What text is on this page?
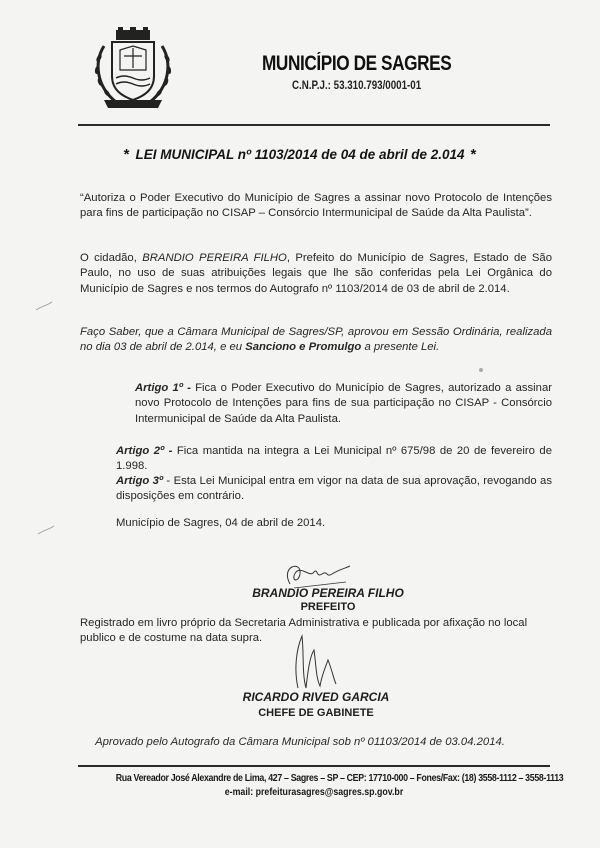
MUNICÍPIO DE SAGRES
C.N.P.J.: 53.310.793/0001-01
* LEI MUNICIPAL nº 1103/2014 de 04 de abril de 2.014 *
“Autoriza o Poder Executivo do Município de Sagres a assinar novo Protocolo de Intenções para fins de participação no CISAP – Consórcio Intermunicipal de Saúde da Alta Paulista”.
O cidadão, BRANDIO PEREIRA FILHO, Prefeito do Município de Sagres, Estado de São Paulo, no uso de suas atribuições legais que lhe são conferidas pela Lei Orgânica do Município de Sagres e nos termos do Autografo nº 1103/2014 de 03 de abril de 2.014.
Faço Saber, que a Câmara Municipal de Sagres/SP, aprovou em Sessão Ordinária, realizada no dia 03 de abril de 2.014, e eu Sanciono e Promulgo a presente Lei.
Artigo 1º - Fica o Poder Executivo do Município de Sagres, autorizado a assinar novo Protocolo de Intenções para fins de sua participação no CISAP - Consórcio Intermunicipal de Saúde da Alta Paulista.
Artigo 2º - Fica mantida na integra a Lei Municipal nº 675/98 de 20 de fevereiro de 1.998.
Artigo 3º - Esta Lei Municipal entra em vigor na data de sua aprovação, revogando as disposições em contrário.
Município de Sagres, 04 de abril de 2014.
BRANDIO PEREIRA FILHO
PREFEITO
Registrado em livro próprio da Secretaria Administrativa e publicada por afixação no local publico e de costume na data supra.
RICARDO RIVED GARCIA
CHEFE DE GABINETE
Aprovado pelo Autografo da Câmara Municipal sob nº 01103/2014 de 03.04.2014.
Rua Vereador José Alexandre de Lima, 427 – Sagres – SP – CEP: 17710-000 – Fones/Fax: (18) 3558-1112 – 3558-1113
e-mail: prefeiturasagres@sagres.sp.gov.br
